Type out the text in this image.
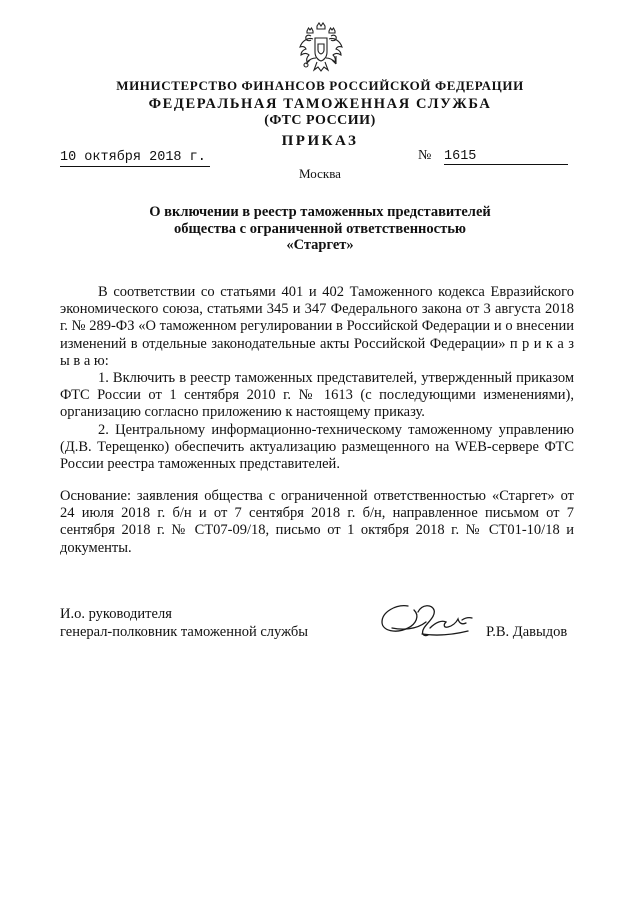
МИНИСТЕРСТВО ФИНАНСОВ РОССИЙСКОЙ ФЕДЕРАЦИИ
ФЕДЕРАЛЬНАЯ ТАМОЖЕННАЯ СЛУЖБА
(ФТС РОССИИ)
ПРИКАЗ
10 октября 2018 г.	№ 1615
Москва
О включении в реестр таможенных представителей
общества с ограниченной ответственностью
«Старгет»

В соответствии со статьями 401 и 402 Таможенного кодекса Евразийского экономического союза, статьями 345 и 347 Федерального закона от 3 августа 2018 г. № 289-ФЗ «О таможенном регулировании в Российской Федерации и о внесении изменений в отдельные законодательные акты Российской Федерации» п р и к а з ы в а ю:

1. Включить в реестр таможенных представителей, утвержденный приказом ФТС России от 1 сентября 2010 г. № 1613 (с последующими изменениями), организацию согласно приложению к настоящему приказу.

2. Центральному информационно-техническому таможенному управлению (Д.В. Терещенко) обеспечить актуализацию размещенного на WEB-сервере ФТС России реестра таможенных представителей.

Основание: заявления общества с ограниченной ответственностью «Старгет» от 24 июля 2018 г. б/н и от 7 сентября 2018 г. б/н, направленное письмом от 7 сентября 2018 г. № СТ07-09/18, письмо от 1 октября 2018 г. № СТ01-10/18 и документы.

И.о. руководителя
генерал-полковник таможенной службы	Р.В. Давыдов
